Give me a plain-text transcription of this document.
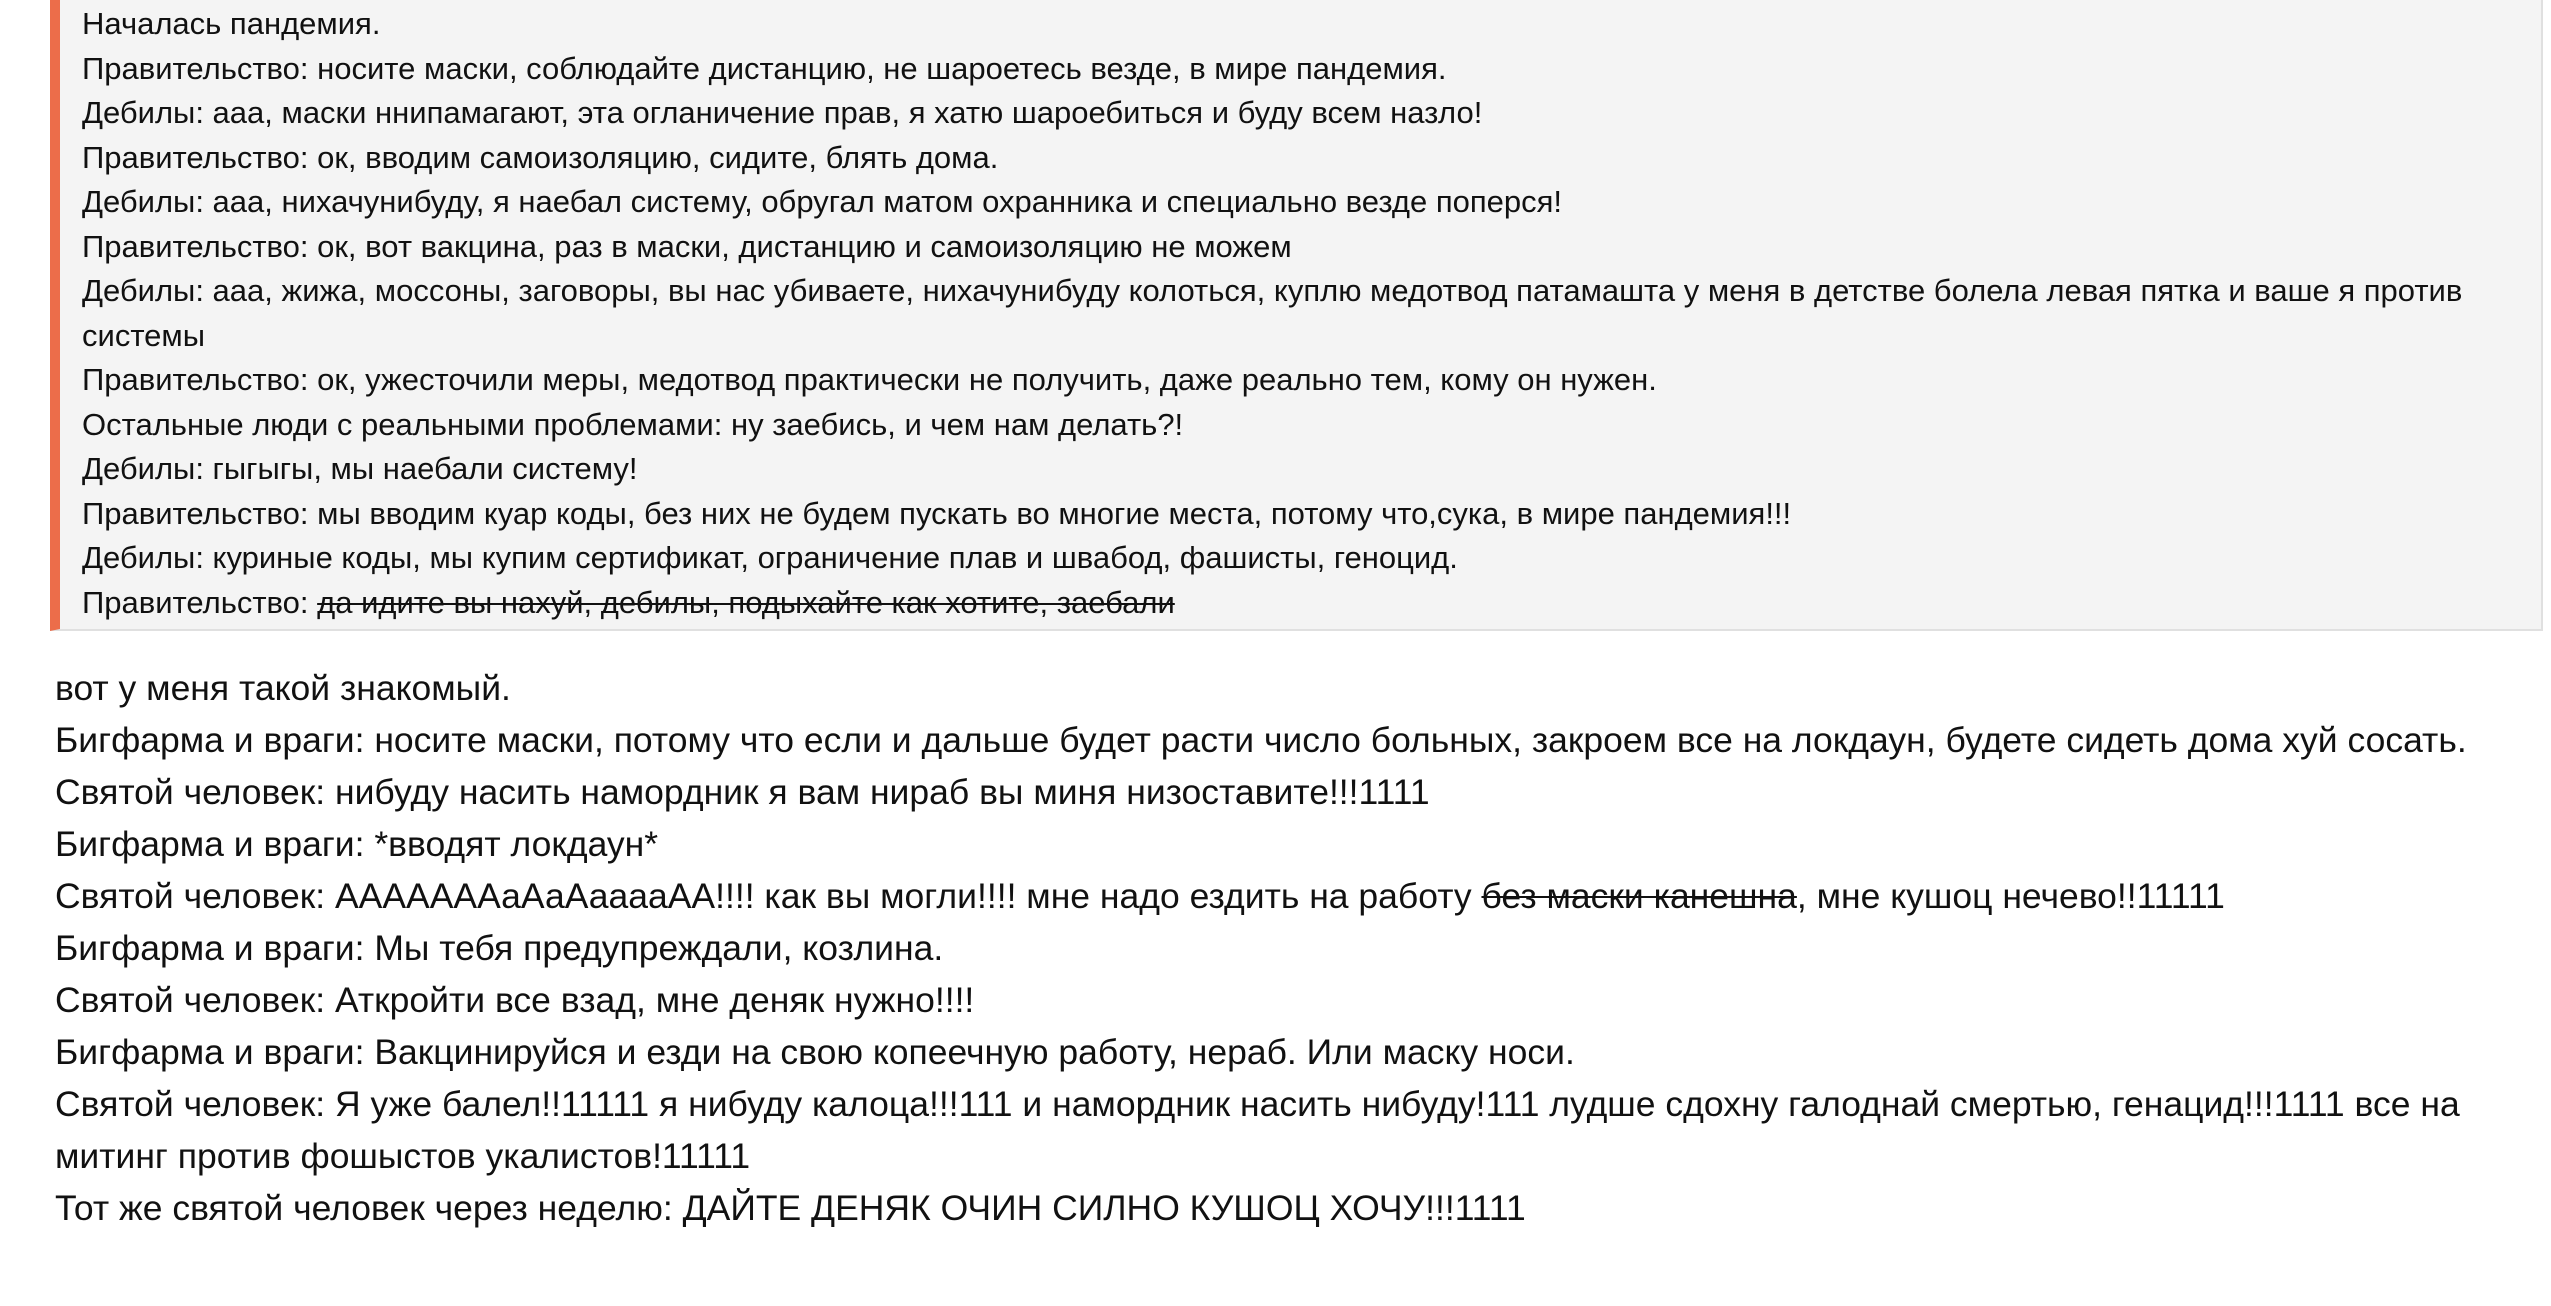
Началась пандемия.
Правительство: носите маски, соблюдайте дистанцию, не шароетесь везде, в мире пандемия.
Дебилы: ааа, маски ннипамагают, эта огланичение прав, я хатю шароебиться и буду всем назло!
Правительство: ок, вводим самоизоляцию, сидите, блять дома.
Дебилы: ааа, нихачунибуду, я наебал систему, обругал матом охранника и специально везде поперся!
Правительство: ок, вот вакцина, раз в маски, дистанцию и самоизоляцию не можем
Дебилы: ааа, жижа, моссоны, заговоры, вы нас убиваете, нихачунибуду колоться, куплю медотвод патамашта у меня в детстве болела левая пятка и ваше я против системы
Правительство: ок, ужесточили меры, медотвод практически не получить, даже реально тем, кому он нужен.
Остальные люди с реальными проблемами: ну заебись, и чем нам делать?!
Дебилы: гыгыгы, мы наебали систему!
Правительство: мы вводим куар коды, без них не будем пускать во многие места, потому что,сука, в мире пандемия!!!
Дебилы: куриные коды, мы купим сертификат, ограничение плав и швабод, фашисты, геноцид.
Правительство: да идите вы нахуй, дебилы, подыхайте как хотите, заебали
вот у меня такой знакомый.
Бигфарма и враги: носите маски, потому что если и дальше будет расти число больных, закроем все на локдаун, будете сидеть дома хуй сосать.
Святой человек: нибуду насить намордник я вам нираб вы миня низоставите!!!1111
Бигфарма и враги: *вводят локдаун*
Святой человек: АААААААаАаАааааАА!!!! как вы могли!!!! мне надо ездить на работу без маски канешна, мне кушоц нечево!!11111
Бигфарма и враги: Мы тебя предупреждали, козлина.
Святой человек: Аткройти все взад, мне деняк нужно!!!!
Бигфарма и враги: Вакцинируйся и езди на свою копеечную работу, нераб. Или маску носи.
Святой человек: Я уже балел!!11111 я нибуду калоца!!!111 и намордник насить нибуду!111 лудше сдохну галоднай смертью, генацид!!!1111 все на митинг против фошыстов укалистов!11111
Тот же святой человек через неделю: ДАЙТЕ ДЕНЯК ОЧИН СИЛНО КУШОЦ ХОЧУ!!!1111
